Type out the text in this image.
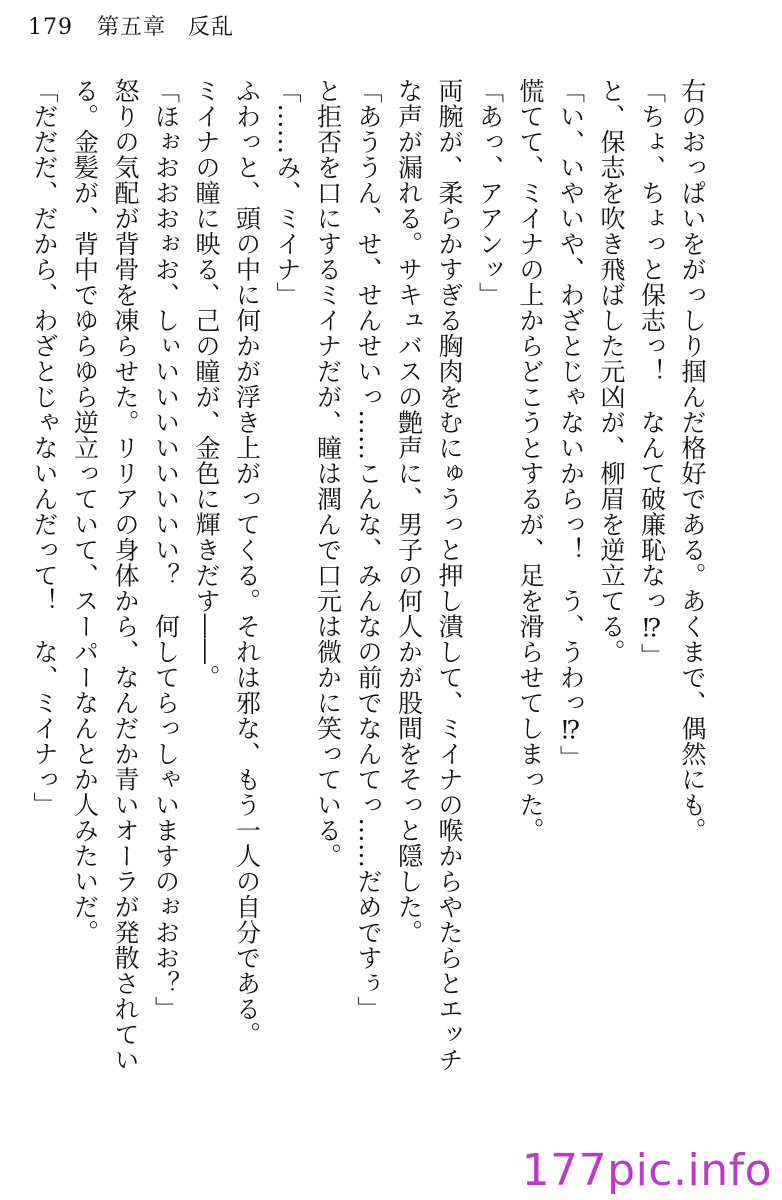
179 第五章 反乱
右のおっぱいをがっしり掴んだ格好である。あくまで、偶然にも。
「ちょ、ちょっと保志っ！　なんて破廉恥なっ⁉」
と、保志を吹き飛ばした元凶が、柳眉を逆立てる。
「い、いやいや、わざとじゃないからっ！　う、うわっ⁉」
慌てて、ミイナの上からどこうとするが、足を滑らせてしまった。
「あっ、アアンッ」
両腕が、柔らかすぎる胸肉をむにゅうっと押し潰して、ミイナの喉からやたらとエッチ
な声が漏れる。サキュバスの艶声に、男子の何人かが股間をそっと隠した。
「あううん、せ、せんせいっ……こんな、みんなの前でなんてっ……だめですぅ」
と拒否を口にするミイナだが、瞳は潤んで口元は微かに笑っている。
「……み、ミイナ」
ふわっと、頭の中に何かが浮き上がってくる。それは邪な、もう一人の自分である。
ミイナの瞳に映る、己の瞳が、金色に輝きだす――。
「ほぉおおおぉお、しぃいいいいいいいい？　何してらっしゃいますのぉおお？」
怒りの気配が背骨を凍らせた。リリアの身体から、なんだか青いオーラが発散されてい
る。金髪が、背中でゆらゆら逆立っていて、スーパーなんとか人みたいだ。
「だだだ、だから、わざとじゃないんだって！　な、ミイナっ」
177pic.info
